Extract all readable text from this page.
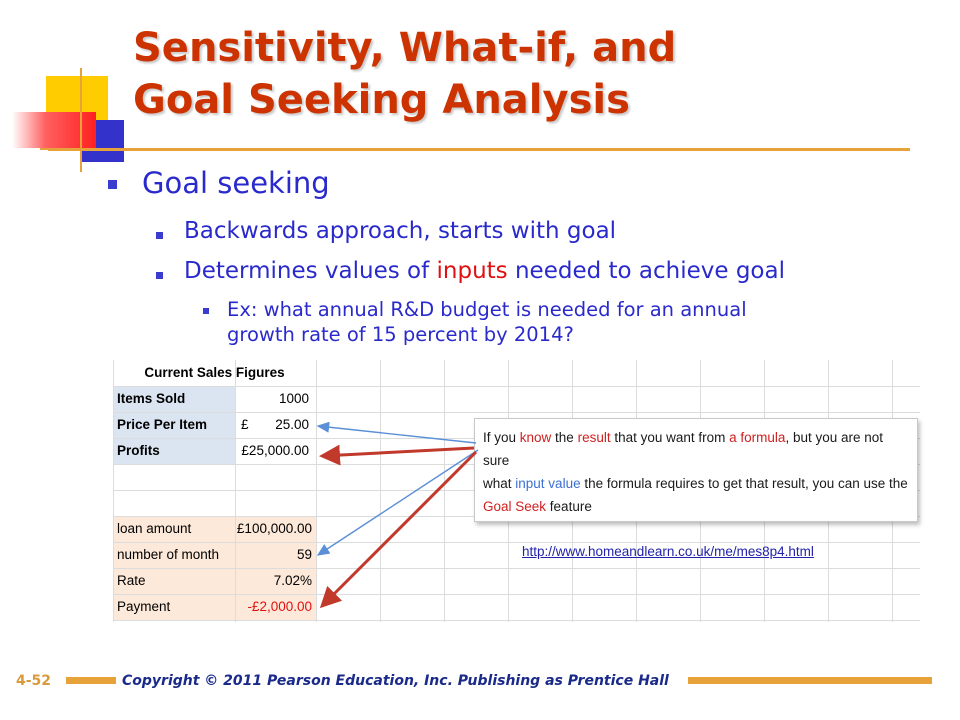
Sensitivity, What-if, and
Goal Seeking Analysis
Goal seeking
Backwards approach, starts with goal
Determines values of inputs needed to achieve goal
Ex: what annual R&D budget is needed for an annual
growth rate of 15 percent by 2014?
Current Sales Figures
Items Sold	1000
Price Per Item	£	25.00
Profits	£25,000.00
loan amount	£100,000.00
number of month	59
Rate	7.02%
Payment	-£2,000.00
If you know the result that you want from a formula, but you are not sure
what input value the formula requires to get that result, you can use the
Goal Seek feature
http://www.homeandlearn.co.uk/me/mes8p4.html
4-52	Copyright © 2011 Pearson Education, Inc. Publishing as Prentice Hall
